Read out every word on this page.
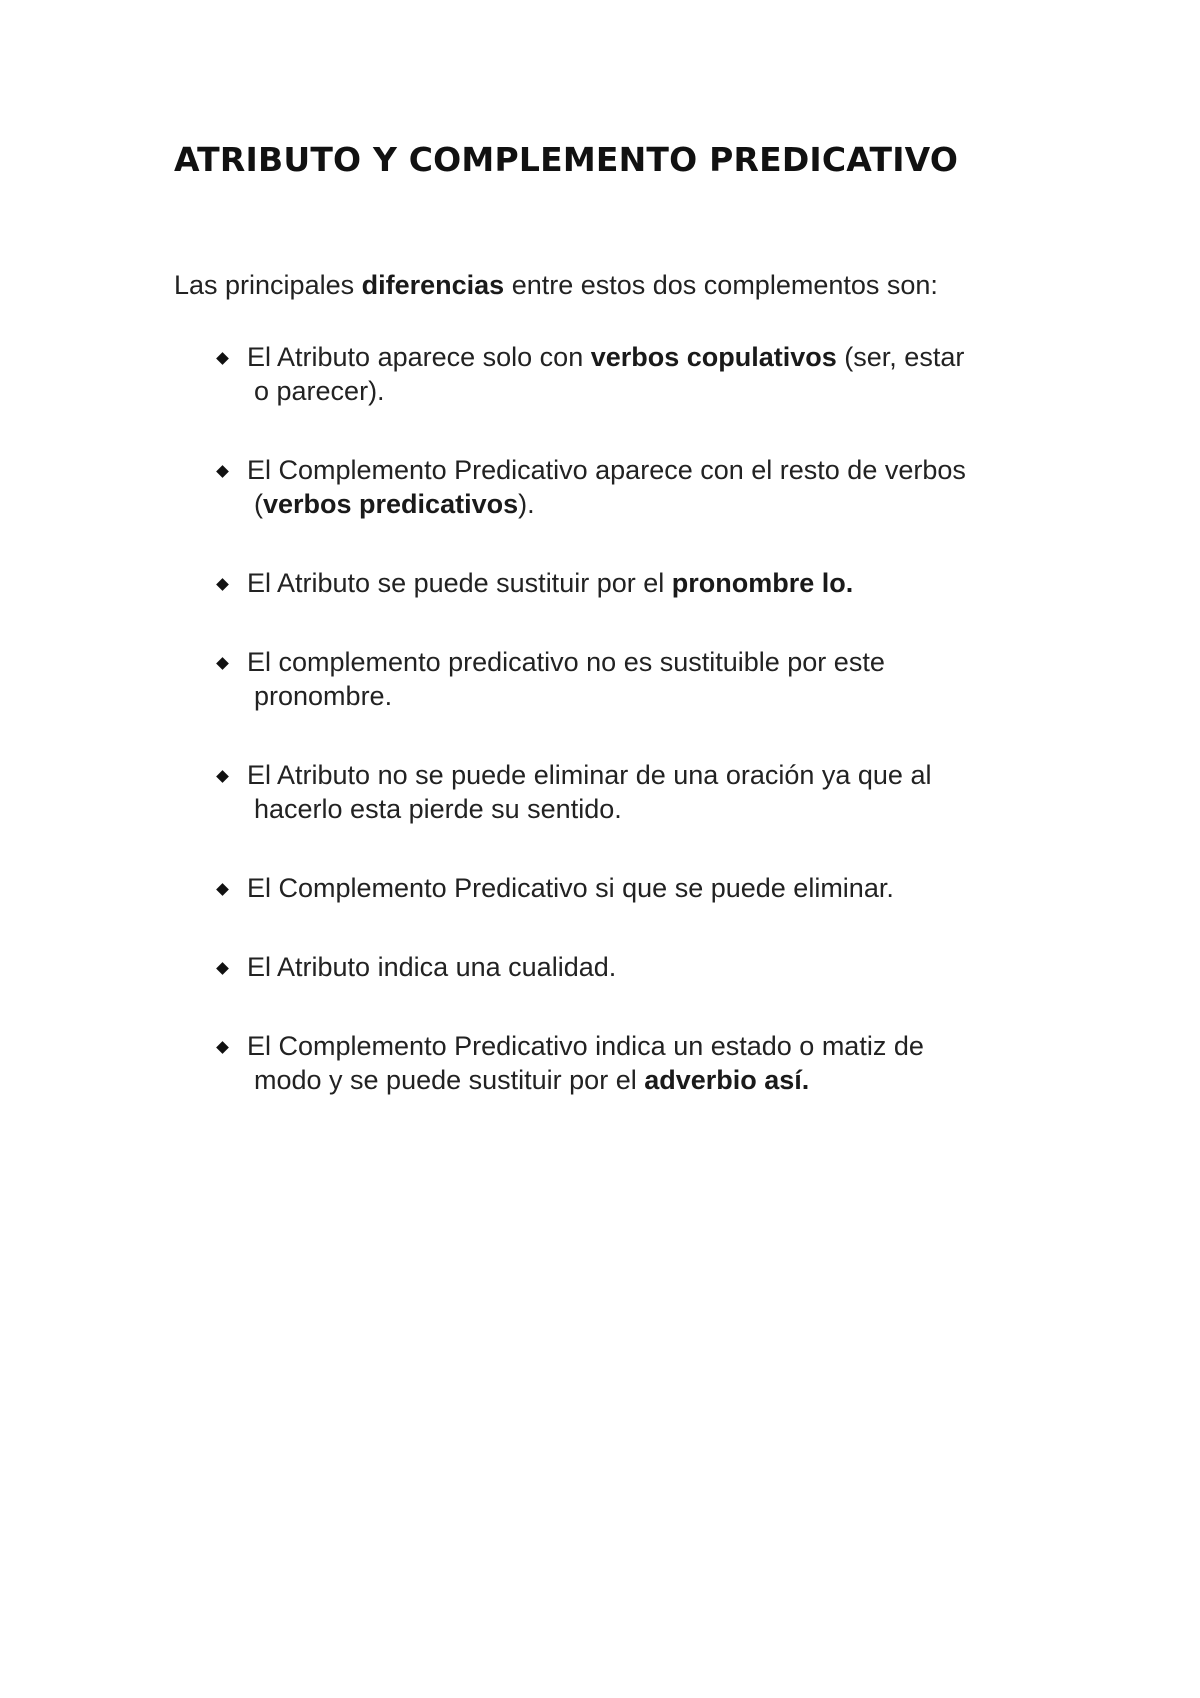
ATRIBUTO Y COMPLEMENTO PREDICATIVO

Las principales diferencias entre estos dos complementos son:

El Atributo aparece solo con verbos copulativos (ser, estar
o parecer).

El Complemento Predicativo aparece con el resto de verbos
(verbos predicativos).

El Atributo se puede sustituir por el pronombre lo.

El complemento predicativo no es sustituible por este
pronombre.

El Atributo no se puede eliminar de una oración ya que al
hacerlo esta pierde su sentido.

El Complemento Predicativo si que se puede eliminar.

El Atributo indica una cualidad.

El Complemento Predicativo indica un estado o matiz de
modo y se puede sustituir por el adverbio así.
